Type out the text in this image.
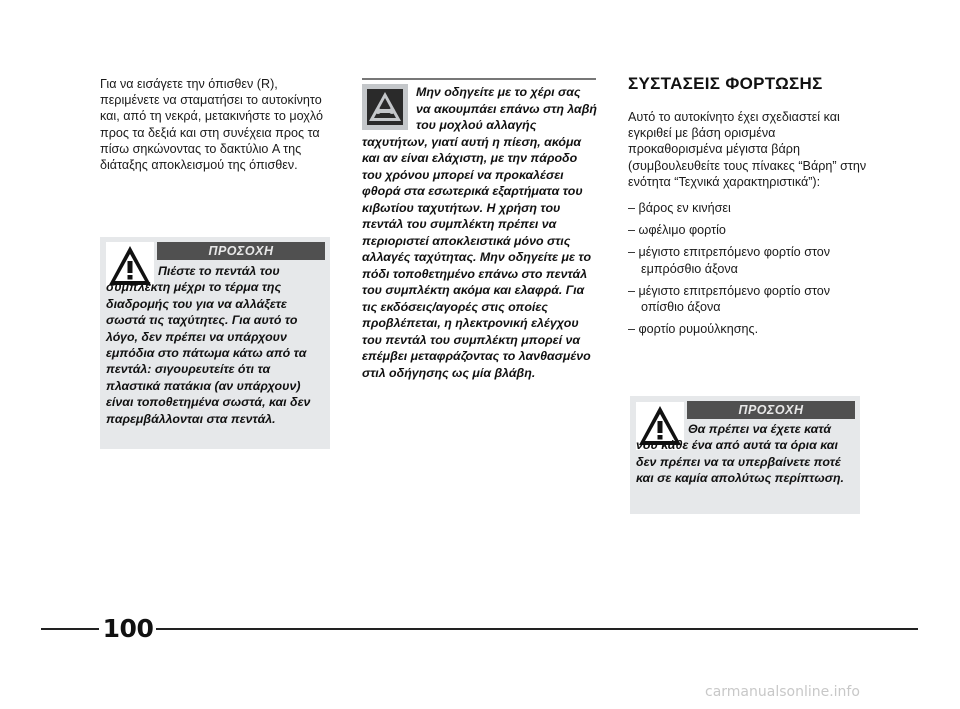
Για να εισάγετε την όπισθεν (R), περιμένετε να σταματήσει το αυτοκίνητο και, από τη νεκρά, μετακινήστε το μοχλό προς τα δεξιά και στη συνέχεια προς τα πίσω σηκώνοντας το δακτύλιο A της διάταξης αποκλεισμού της όπισθεν.

ΠΡΟΣΟΧΗ

Πιέστε το πεντάλ του συμπλέκτη μέχρι το τέρμα της διαδρομής του για να αλλάξετε σωστά τις ταχύτητες. Για αυτό το λόγο, δεν πρέπει να υπάρχουν εμπόδια στο πάτωμα κάτω από τα πεντάλ: σιγουρευτείτε ότι τα πλαστικά πατάκια (αν υπάρχουν) είναι τοποθετημένα σωστά, και δεν παρεμβάλλονται στα πεντάλ.

Μην οδηγείτε με το χέρι σας να ακουμπάει επάνω στη λαβή του μοχλού αλλαγής ταχυτήτων, γιατί αυτή η πίεση, ακόμα και αν είναι ελάχιστη, με την πάροδο του χρόνου μπορεί να προκαλέσει φθορά στα εσωτερικά εξαρτήματα του κιβωτίου ταχυτήτων. Η χρήση του πεντάλ του συμπλέκτη πρέπει να περιοριστεί αποκλειστικά μόνο στις αλλαγές ταχύτητας. Μην οδηγείτε με το πόδι τοποθετημένο επάνω στο πεντάλ του συμπλέκτη ακόμα και ελαφρά. Για τις εκδόσεις/αγορές στις οποίες προβλέπεται, η ηλεκτρονική ελέγχου του πεντάλ του συμπλέκτη μπορεί να επέμβει μεταφράζοντας το λανθασμένο στιλ οδήγησης ως μία βλάβη.

ΣΥΣΤΑΣΕΙΣ ΦΟΡΤΩΣΗΣ

Αυτό το αυτοκίνητο έχει σχεδιαστεί και εγκριθεί με βάση ορισμένα προκαθορισμένα μέγιστα βάρη (συμβουλευθείτε τους πίνακες “Βάρη” στην ενότητα “Τεχνικά χαρακτηριστικά”):

– βάρος εν κινήσει
– ωφέλιμο φορτίο
– μέγιστο επιτρεπόμενο φορτίο στον εμπρόσθιο άξονα
– μέγιστο επιτρεπόμενο φορτίο στον οπίσθιο άξονα
– φορτίο ρυμούλκησης.
ΠΡΟΣΟΧΗ

Θα πρέπει να έχετε κατά νου κάθε ένα από αυτά τα όρια και δεν πρέπει να τα υπερβαίνετε ποτέ και σε καμία απολύτως περίπτωση.

100
carmanualsonline.info
